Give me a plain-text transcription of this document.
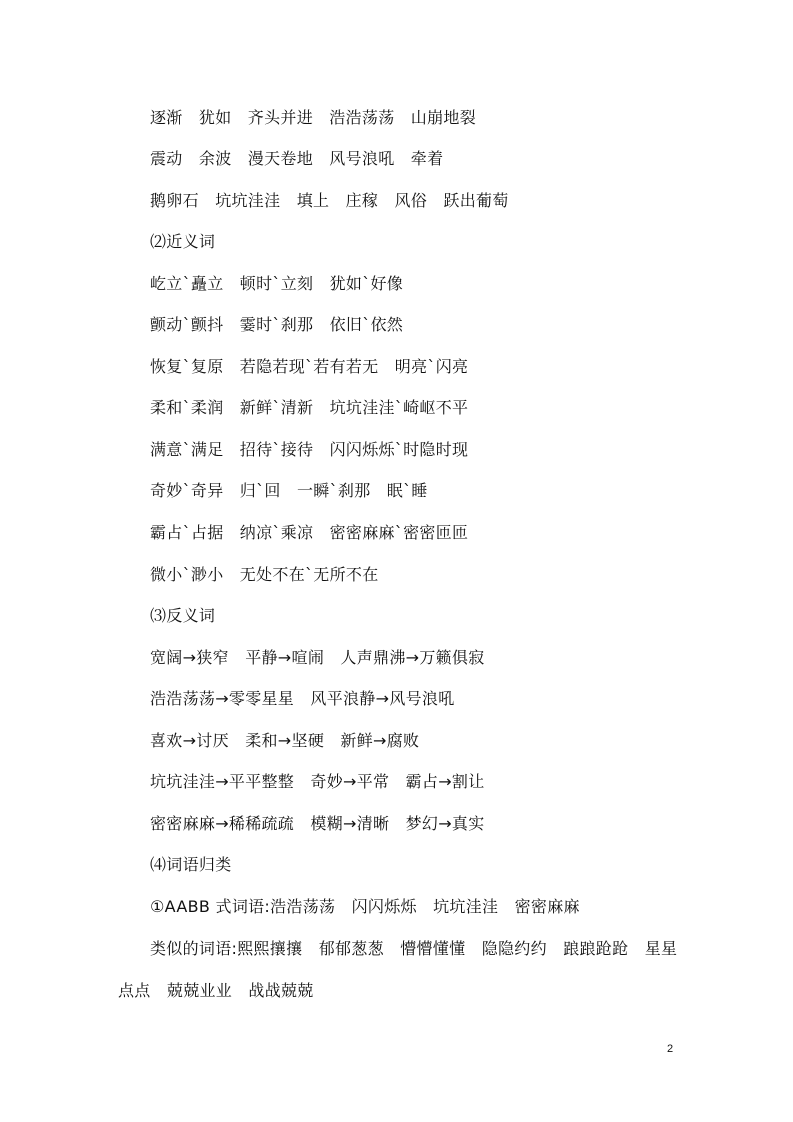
逐渐　犹如　齐头并进　浩浩荡荡　山崩地裂
震动　余波　漫天卷地　风号浪吼　牵着
鹅卵石　坑坑洼洼　填上　庄稼　风俗　跃出葡萄
⑵近义词
屹立`矗立　顿时`立刻　犹如`好像
颤动`颤抖　霎时`刹那　依旧`依然
恢复`复原　若隐若现`若有若无　明亮`闪亮
柔和`柔润　新鲜`清新　坑坑洼洼`崎岖不平
满意`满足　招待`接待　闪闪烁烁`时隐时现
奇妙`奇异　归`回　一瞬`刹那　眠`睡
霸占`占据　纳凉`乘凉　密密麻麻`密密匝匝
微小`渺小　无处不在`无所不在
⑶反义词
宽阔→狭窄　平静→喧闹　人声鼎沸→万籁俱寂
浩浩荡荡→零零星星　风平浪静→风号浪吼
喜欢→讨厌　柔和→坚硬　新鲜→腐败
坑坑洼洼→平平整整　奇妙→平常　霸占→割让
密密麻麻→稀稀疏疏　模糊→清晰　梦幻→真实
⑷词语归类
①AABB 式词语:浩浩荡荡　闪闪烁烁　坑坑洼洼　密密麻麻
类似的词语:熙熙攘攘　郁郁葱葱　懵懵懂懂　隐隐约约　踉踉跄跄　星星
点点　兢兢业业　战战兢兢
2
